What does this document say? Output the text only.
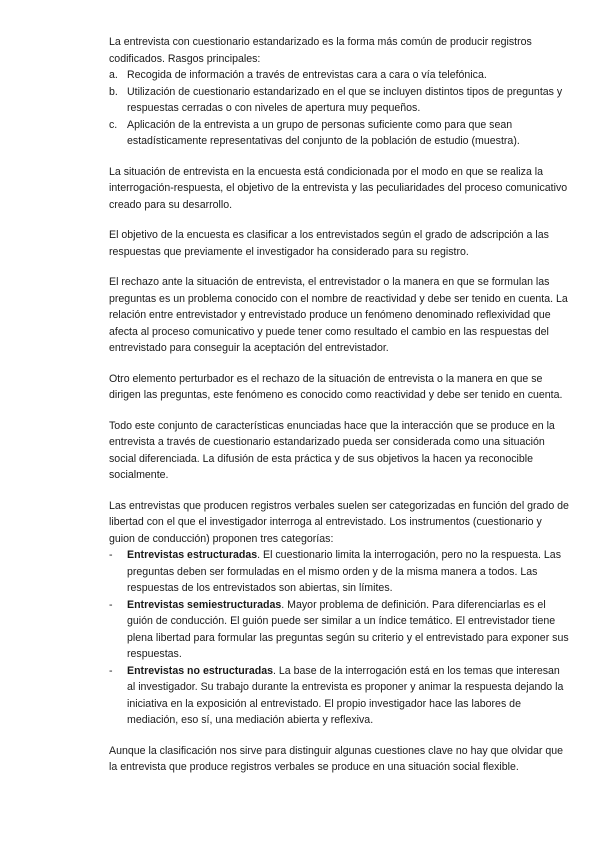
La entrevista con cuestionario estandarizado es la forma más común de producir registros codificados. Rasgos principales:

a. Recogida de información a través de entrevistas cara a cara o vía telefónica.
b. Utilización de cuestionario estandarizado en el que se incluyen distintos tipos de preguntas y respuestas cerradas o con niveles de apertura muy pequeños.
c. Aplicación de la entrevista a un grupo de personas suficiente como para que sean estadísticamente representativas del conjunto de la población de estudio (muestra).

La situación de entrevista en la encuesta está condicionada por el modo en que se realiza la interrogación-respuesta, el objetivo de la entrevista y las peculiaridades del proceso comunicativo creado para su desarrollo.

El objetivo de la encuesta es clasificar a los entrevistados según el grado de adscripción a las respuestas que previamente el investigador ha considerado para su registro.

El rechazo ante la situación de entrevista, el entrevistador o la manera en que se formulan las preguntas es un problema conocido con el nombre de reactividad y debe ser tenido en cuenta. La relación entre entrevistador y entrevistado produce un fenómeno denominado reflexividad que afecta al proceso comunicativo y puede tener como resultado el cambio en las respuestas del entrevistado para conseguir la aceptación del entrevistador.

Otro elemento perturbador es el rechazo de la situación de entrevista o la manera en que se dirigen las preguntas, este fenómeno es conocido como reactividad y debe ser tenido en cuenta.

Todo este conjunto de características enunciadas hace que la interacción que se produce en la entrevista a través de cuestionario estandarizado pueda ser considerada como una situación social diferenciada. La difusión de esta práctica y de sus objetivos la hacen ya reconocible socialmente.

Las entrevistas que producen registros verbales suelen ser categorizadas en función del grado de libertad con el que el investigador interroga al entrevistado. Los instrumentos (cuestionario y guion de conducción) proponen tres categorías:

- Entrevistas estructuradas. El cuestionario limita la interrogación, pero no la respuesta. Las preguntas deben ser formuladas en el mismo orden y de la misma manera a todos. Las respuestas de los entrevistados son abiertas, sin límites.
- Entrevistas semiestructuradas. Mayor problema de definición. Para diferenciarlas es el guión de conducción. El guión puede ser similar a un índice temático. El entrevistador tiene plena libertad para formular las preguntas según su criterio y el entrevistado para exponer sus respuestas.
- Entrevistas no estructuradas. La base de la interrogación está en los temas que interesan al investigador. Su trabajo durante la entrevista es proponer y animar la respuesta dejando la iniciativa en la exposición al entrevistado. El propio investigador hace las labores de mediación, eso sí, una mediación abierta y reflexiva.

Aunque la clasificación nos sirve para distinguir algunas cuestiones clave no hay que olvidar que la entrevista que produce registros verbales se produce en una situación social flexible.
